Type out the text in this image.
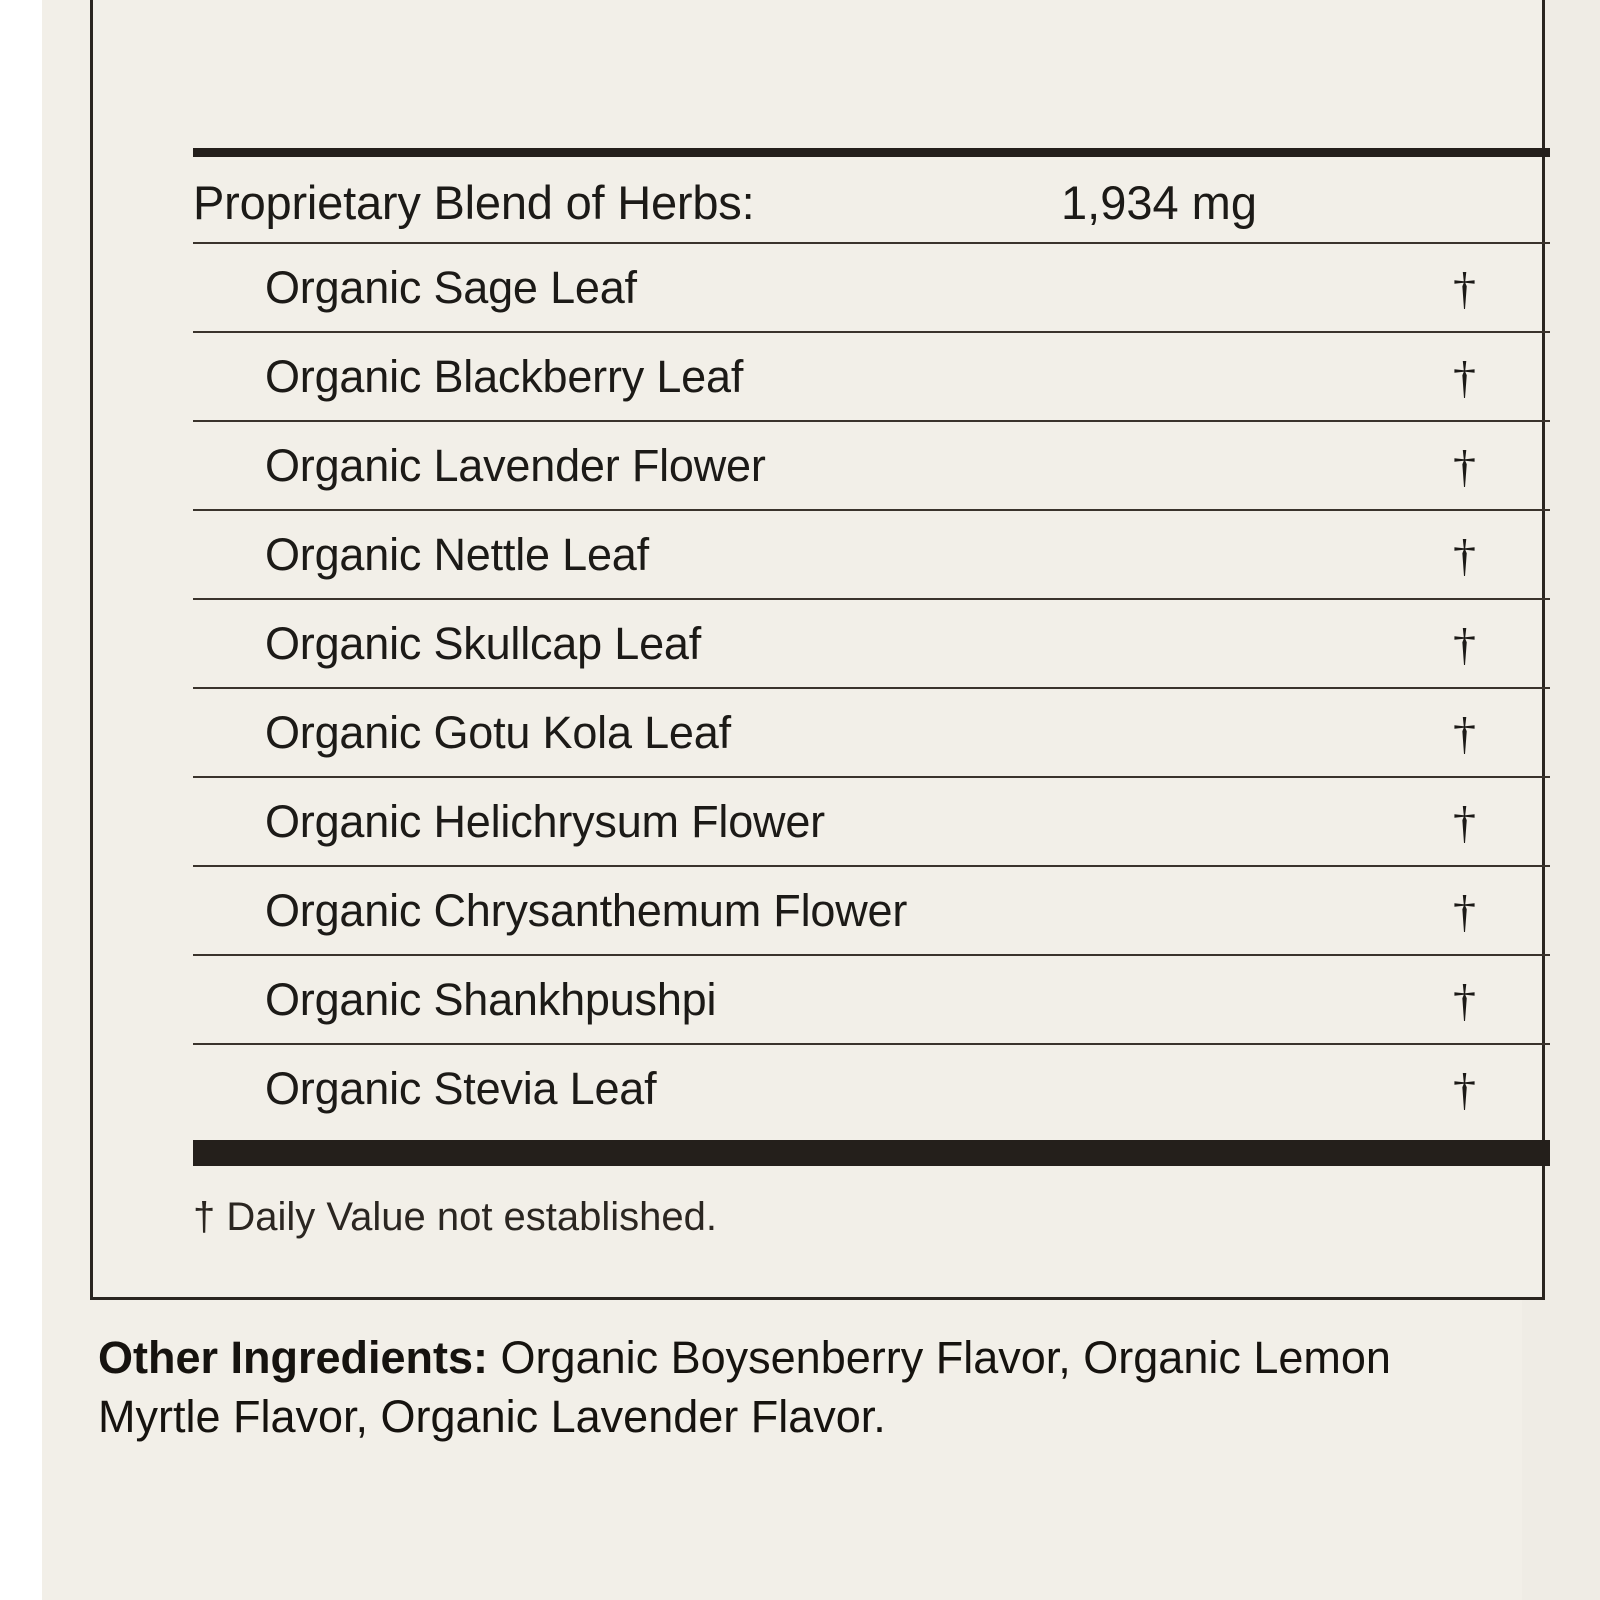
Proprietary Blend of Herbs:	1,934 mg
Organic Sage Leaf	†
Organic Blackberry Leaf	†
Organic Lavender Flower	†
Organic Nettle Leaf	†
Organic Skullcap Leaf	†
Organic Gotu Kola Leaf	†
Organic Helichrysum Flower	†
Organic Chrysanthemum Flower	†
Organic Shankhpushpi	†
Organic Stevia Leaf	†
† Daily Value not established.
Other Ingredients: Organic Boysenberry Flavor, Organic Lemon Myrtle Flavor, Organic Lavender Flavor.
